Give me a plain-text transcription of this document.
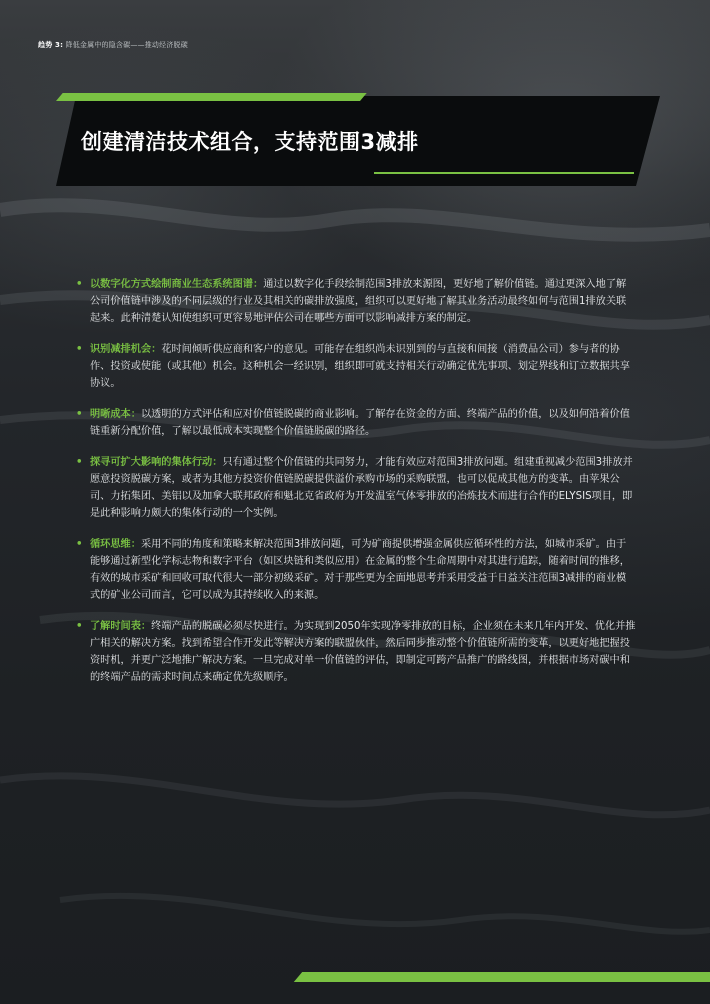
趋势 3: 降低金属中的隐含碳——推动经济脱碳
创建清洁技术组合，支持范围3减排
• 以数字化方式绘制商业生态系统图谱：通过以数字化手段绘制范围3排放来源图，更好地了解价值链。通过更深入地了解公司价值链中涉及的不同层级的行业及其相关的碳排放强度，组织可以更好地了解其业务活动最终如何与范围1排放关联起来。此种清楚认知使组织可更容易地评估公司在哪些方面可以影响减排方案的制定。
• 识别减排机会：花时间倾听供应商和客户的意见。可能存在组织尚未识别到的与直接和间接（消费品公司）参与者的协作、投资或使能（或其他）机会。这种机会一经识别，组织即可就支持相关行动确定优先事项、划定界线和订立数据共享协议。
• 明晰成本：以透明的方式评估和应对价值链脱碳的商业影响。了解存在资金的方面、终端产品的价值，以及如何沿着价值链重新分配价值，了解以最低成本实现整个价值链脱碳的路径。
• 探寻可扩大影响的集体行动：只有通过整个价值链的共同努力，才能有效应对范围3排放问题。组建重视减少范围3排放并愿意投资脱碳方案，或者为其他方投资价值链脱碳提供溢价承购市场的采购联盟，也可以促成其他方的变革。由苹果公司、力拓集团、美铝以及加拿大联邦政府和魁北克省政府为开发温室气体零排放的冶炼技术而进行合作的ELYSIS项目，即是此种影响力颇大的集体行动的一个实例。
• 循环思维：采用不同的角度和策略来解决范围3排放问题，可为矿商提供增强金属供应循环性的方法，如城市采矿。由于能够通过新型化学标志物和数字平台（如区块链和类似应用）在金属的整个生命周期中对其进行追踪，随着时间的推移，有效的城市采矿和回收可取代很大一部分初级采矿。对于那些更为全面地思考并采用受益于日益关注范围3减排的商业模式的矿业公司而言，它可以成为其持续收入的来源。
• 了解时间表：终端产品的脱碳必须尽快进行。为实现到2050年实现净零排放的目标，企业须在未来几年内开发、优化并推广相关的解决方案。找到希望合作开发此等解决方案的联盟伙伴，然后同步推动整个价值链所需的变革，以更好地把握投资时机，并更广泛地推广解决方案。一旦完成对单一价值链的评估，即制定可跨产品推广的路线图，并根据市场对碳中和的终端产品的需求时间点来确定优先级顺序。
